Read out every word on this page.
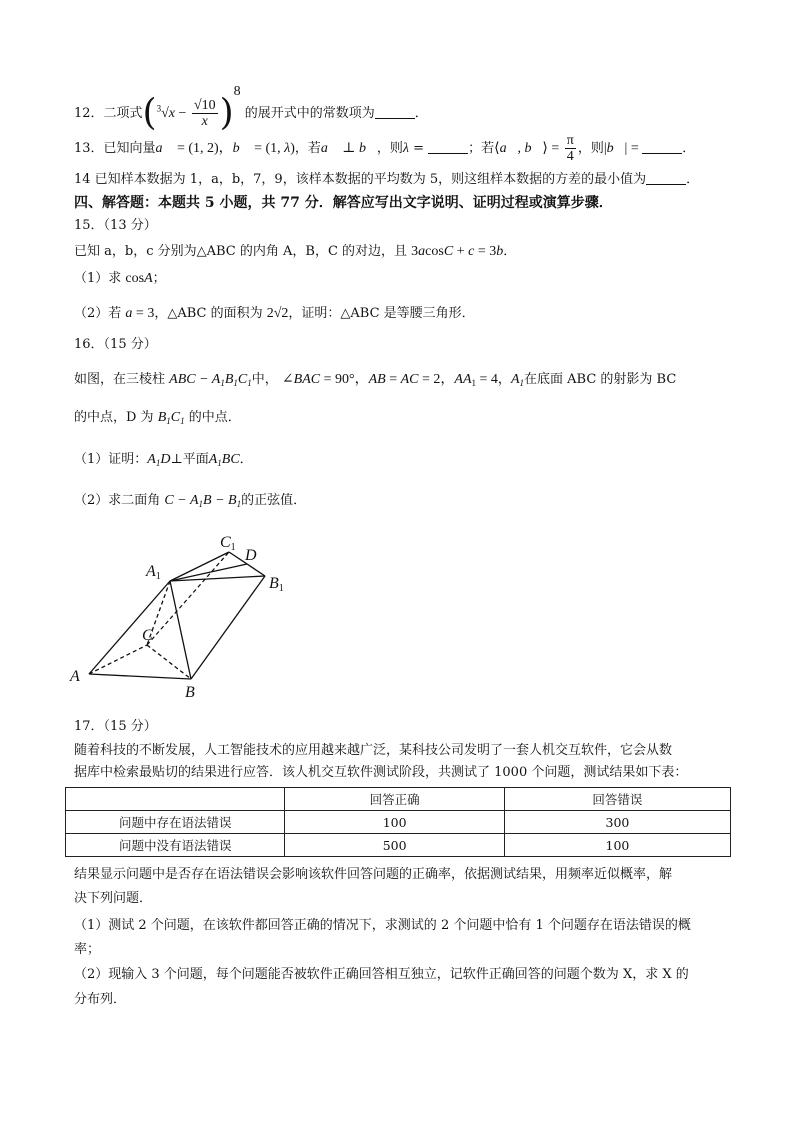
12．二项式$(^3√x - \frac{√10}{x} )^8$ 的展开式中的常数项为	．
13．已知向量a⃗ = (1, 2)，b⃗ = (1, λ)，若a⃗ ⊥ b⃗，则λ =	；若⟨a⃗, b⃗⟩ = $\frac{\pi}{4}$ ，则|b⃗| =	．
14 已知样本数据为 1，a，b，7，9，该样本数据的平均数为 5，则这组样本数据的方差的最小值为	．
四、解答题：本题共 5 小题，共 77 分．解答应写出文字说明、证明过程或演算步骤．
15．（13 分）
已知 a，b，c 分别为△ABC 的内角 A，B，C 的对边，且 3acosC + c = 3b．
（1）求 cosA；
（2）若 a = 3，△ABC 的面积为 2√2，证明：△ABC 是等腰三角形．
16．（15 分）
如图，在三棱柱 ABC − $A_1B_1C_1$中， ∠BAC = 90°，AB = AC = 2，$AA_1 = 4$，$A_1$在底面 ABC 的射影为 BC
的中点，D 为 $B_1C_1$ 的中点．
（1）证明：$A_1D\perp$平面$A_1BC$．
（2）求二面角 $C - A_1B - B_1$的正弦值．
A
B
C
A1	B1
C1 D
17．（15 分）
随着科技的不断发展，人工智能技术的应用越来越广泛，某科技公司发明了一套人机交互软件，它会从数
据库中检索最贴切的结果进行应答．该人机交互软件测试阶段，共测试了 1000 个问题，测试结果如下表：
	回答正确	回答错误
问题中存在语法错误	100	300
问题中没有语法错误	500	100
结果显示问题中是否存在语法错误会影响该软件回答问题的正确率，依据测试结果，用频率近似概率，解
决下列问题．
（1）测试 2 个问题，在该软件都回答正确的情况下，求测试的 2 个问题中恰有 1 个问题存在语法错误的概
率；
（2）现输入 3 个问题，每个问题能否被软件正确回答相互独立，记软件正确回答的问题个数为 X，求 X 的
分布列．
